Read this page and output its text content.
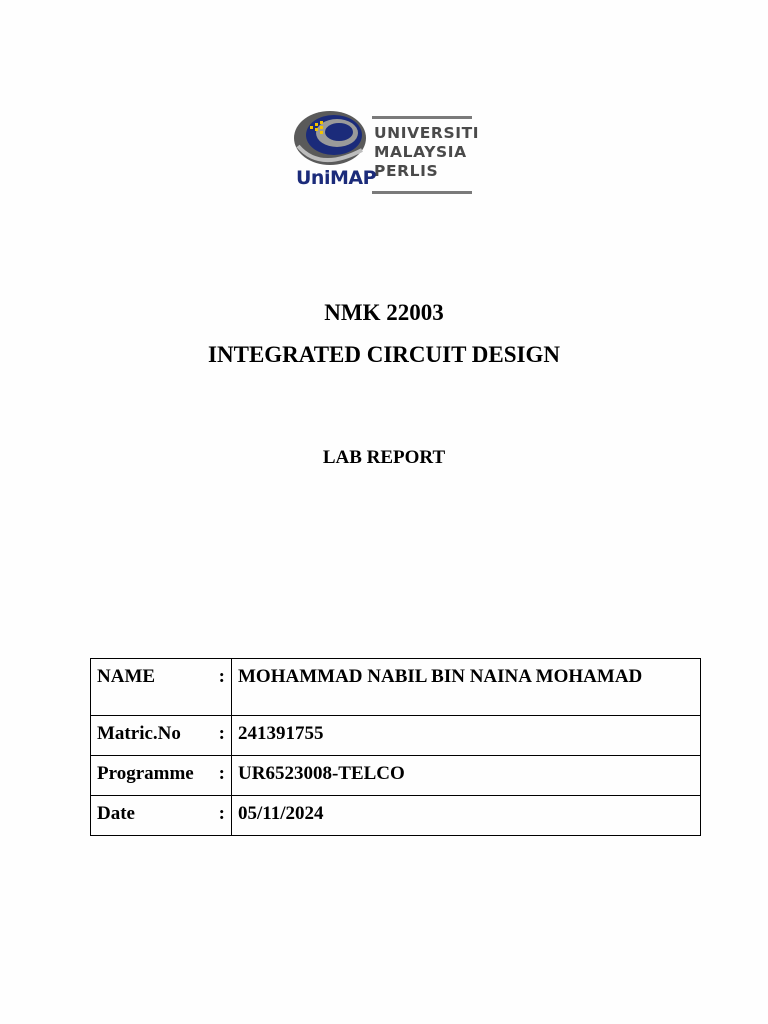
UNIVERSITI
MALAYSIA
PERLIS
UniMAP
NMK 22003
INTEGRATED CIRCUIT DESIGN
LAB REPORT
NAME :	MOHAMMAD NABIL BIN NAINA MOHAMAD

Matric.No :	241391755

Programme :	UR6523008-TELCO

Date :	05/11/2024
